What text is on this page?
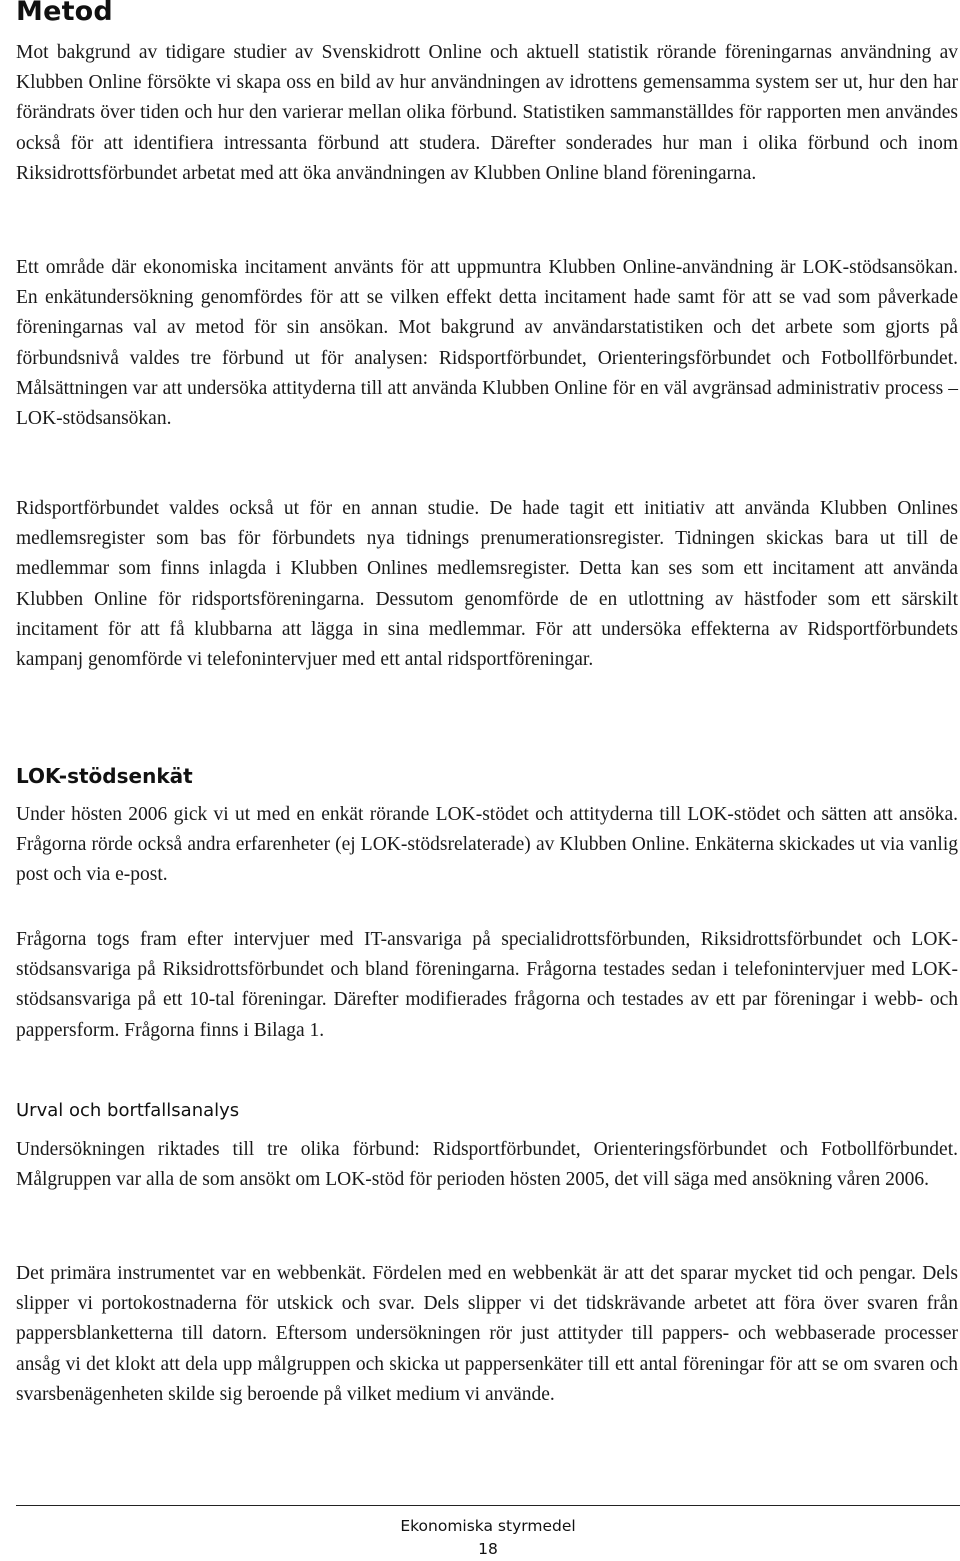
Metod

Mot bakgrund av tidigare studier av Svenskidrott Online och aktuell statistik rörande föreningarnas användning av Klubben Online försökte vi skapa oss en bild av hur användningen av idrottens gemensamma system ser ut, hur den har förändrats över tiden och hur den varierar mellan olika förbund. Statistiken sammanställdes för rapporten men användes också för att identifiera intressanta förbund att studera. Därefter sonderades hur man i olika förbund och inom Riksidrottsförbundet arbetat med att öka användningen av Klubben Online bland föreningarna.

Ett område där ekonomiska incitament använts för att uppmuntra Klubben Online-användning är LOK-stödsansökan. En enkätundersökning genomfördes för att se vilken effekt detta incitament hade samt för att se vad som påverkade föreningarnas val av metod för sin ansökan. Mot bakgrund av användarstatistiken och det arbete som gjorts på förbundsnivå valdes tre förbund ut för analysen: Ridsportförbundet, Orienteringsförbundet och Fotbollförbundet. Målsättningen var att undersöka attityderna till att använda Klubben Online för en väl avgränsad administrativ process – LOK-stödsansökan.

Ridsportförbundet valdes också ut för en annan studie. De hade tagit ett initiativ att använda Klubben Onlines medlemsregister som bas för förbundets nya tidnings prenumerationsregister. Tidningen skickas bara ut till de medlemmar som finns inlagda i Klubben Onlines medlemsregister. Detta kan ses som ett incitament att använda Klubben Online för ridsportsföreningarna. Dessutom genomförde de en utlottning av hästfoder som ett särskilt incitament för att få klubbarna att lägga in sina medlemmar. För att undersöka effekterna av Ridsportförbundets kampanj genomförde vi telefonintervjuer med ett antal ridsportföreningar.

LOK-stödsenkät

Under hösten 2006 gick vi ut med en enkät rörande LOK-stödet och attityderna till LOK-stödet och sätten att ansöka. Frågorna rörde också andra erfarenheter (ej LOK-stödsrelaterade) av Klubben Online. Enkäterna skickades ut via vanlig post och via e-post.

Frågorna togs fram efter intervjuer med IT-ansvariga på specialidrottsförbunden, Riksidrottsförbundet och LOK-stödsansvariga på Riksidrottsförbundet och bland föreningarna. Frågorna testades sedan i telefonintervjuer med LOK-stödsansvariga på ett 10-tal föreningar. Därefter modifierades frågorna och testades av ett par föreningar i webb- och pappersform. Frågorna finns i Bilaga 1.

Urval och bortfallsanalys

Undersökningen riktades till tre olika förbund: Ridsportförbundet, Orienteringsförbundet och Fotbollförbundet. Målgruppen var alla de som ansökt om LOK-stöd för perioden hösten 2005, det vill säga med ansökning våren 2006.

Det primära instrumentet var en webbenkät. Fördelen med en webbenkät är att det sparar mycket tid och pengar. Dels slipper vi portokostnaderna för utskick och svar. Dels slipper vi det tidskrävande arbetet att föra över svaren från pappersblanketterna till datorn. Eftersom undersökningen rör just attityder till pappers- och webbaserade processer ansåg vi det klokt att dela upp målgruppen och skicka ut pappersenkäter till ett antal föreningar för att se om svaren och svarsbenägenheten skilde sig beroende på vilket medium vi använde.

Ekonomiska styrmedel
18
